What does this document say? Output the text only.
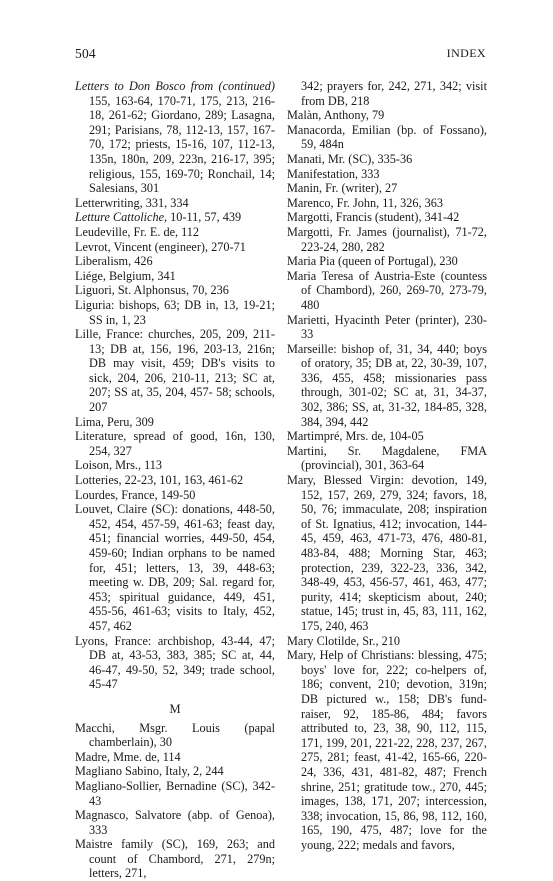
504	INDEX

Letters to Don Bosco from (continued) 155, 163-64, 170-71, 175, 213, 216-18, 261-62; Giordano, 289; Lasagna, 291; Parisians, 78, 112-13, 157, 167-70, 172; priests, 15-16, 107, 112-13, 135n, 180n, 209, 223n, 216-17, 395; religious, 155, 169-70; Ronchail, 14; Salesians, 301

Letterwriting, 331, 334

Letture Cattoliche, 10-11, 57, 439

Leudeville, Fr. E. de, 112

Levrot, Vincent (engineer), 270-71

Liberalism, 426

Liége, Belgium, 341

Liguori, St. Alphonsus, 70, 236

Liguria: bishops, 63; DB in, 13, 19-21; SS in, 1, 23

Lille, France: churches, 205, 209, 211-13; DB at, 156, 196, 203-13, 216n; DB may visit, 459; DB's visits to sick, 204, 206, 210-11, 213; SC at, 207; SS at, 35, 204, 457- 58; schools, 207

Lima, Peru, 309

Literature, spread of good, 16n, 130, 254, 327

Loison, Mrs., 113

Lotteries, 22-23, 101, 163, 461-62

Lourdes, France, 149-50

Louvet, Claire (SC): donations, 448-50, 452, 454, 457-59, 461-63; feast day, 451; financial worries, 449-50, 454, 459-60; Indian orphans to be named for, 451; letters, 13, 39, 448-63; meeting w. DB, 209; Sal. regard for, 453; spiritual guidance, 449, 451, 455-56, 461-63; visits to Italy, 452, 457, 462

Lyons, France: archbishop, 43-44, 47; DB at, 43-53, 383, 385; SC at, 44, 46-47, 49-50, 52, 349; trade school, 45-47

M

Macchi, Msgr. Louis (papal chamberlain), 30

Madre, Mme. de, 114

Magliano Sabino, Italy, 2, 244

Magliano-Sollier, Bernadine (SC), 342-43

Magnasco, Salvatore (abp. of Genoa), 333

Maistre family (SC), 169, 263; and count of Chambord, 271, 279n; letters, 271,

342; prayers for, 242, 271, 342; visit from DB, 218

Malàn, Anthony, 79

Manacorda, Emilian (bp. of Fossano), 59, 484n

Manati, Mr. (SC), 335-36

Manifestation, 333

Manin, Fr. (writer), 27

Marenco, Fr. John, 11, 326, 363

Margotti, Francis (student), 341-42

Margotti, Fr. James (journalist), 71-72, 223-24, 280, 282

Maria Pia (queen of Portugal), 230

Maria Teresa of Austria-Este (countess of Chambord), 260, 269-70, 273-79, 480

Marietti, Hyacinth Peter (printer), 230-33

Marseille: bishop of, 31, 34, 440; boys of oratory, 35; DB at, 22, 30-39, 107, 336, 455, 458; missionaries pass through, 301-02; SC at, 31, 34-37, 302, 386; SS, at, 31-32, 184-85, 328, 384, 394, 442

Martimpré, Mrs. de, 104-05

Martini, Sr. Magdalene, FMA (provincial), 301, 363-64

Mary, Blessed Virgin: devotion, 149, 152, 157, 269, 279, 324; favors, 18, 50, 76; immaculate, 208; inspiration of St. Ignatius, 412; invocation, 144-45, 459, 463, 471-73, 476, 480-81, 483-84, 488; Morning Star, 463; protection, 239, 322-23, 336, 342, 348-49, 453, 456-57, 461, 463, 477; purity, 414; skepticism about, 240; statue, 145; trust in, 45, 83, 111, 162, 175, 240, 463

Mary Clotilde, Sr., 210

Mary, Help of Christians: blessing, 475; boys' love for, 222; co-helpers of, 186; convent, 210; devotion, 319n; DB pictured w., 158; DB's fund-raiser, 92, 185-86, 484; favors attributed to, 23, 38, 90, 112, 115, 171, 199, 201, 221-22, 228, 237, 267, 275, 281; feast, 41-42, 165-66, 220-24, 336, 431, 481-82, 487; French shrine, 251; gratitude tow., 270, 445; images, 138, 171, 207; intercession, 338; invocation, 15, 86, 98, 112, 160, 165, 190, 475, 487; love for the young, 222; medals and favors,
